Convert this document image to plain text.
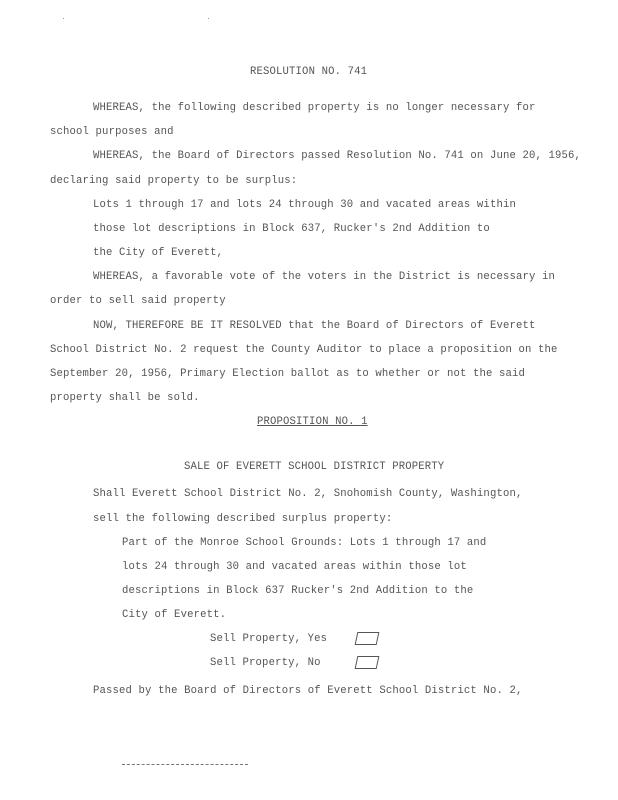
RESOLUTION NO. 741
WHEREAS, the following described property is no longer necessary for
school purposes and
WHEREAS, the Board of Directors passed Resolution No. 741 on June 20, 1956,
declaring said property to be surplus:
Lots 1 through 17 and lots 24 through 30 and vacated areas within
those lot descriptions in Block 637, Rucker's 2nd Addition to
the City of Everett,
WHEREAS, a favorable vote of the voters in the District is necessary in
order to sell said property
NOW, THEREFORE BE IT RESOLVED that the Board of Directors of Everett
School District No. 2 request the County Auditor to place a proposition on the
September 20, 1956, Primary Election ballot as to whether or not the said
property shall be sold.
PROPOSITION NO. 1
SALE OF EVERETT SCHOOL DISTRICT PROPERTY
Shall Everett School District No. 2, Snohomish County, Washington,
sell the following described surplus property:
Part of the Monroe School Grounds: Lots 1 through 17 and
lots 24 through 30 and vacated areas within those lot
descriptions in Block 637 Rucker's 2nd Addition to the
City of Everett.
Sell Property, Yes
Sell Property, No
Passed by the Board of Directors of Everett School District No. 2,
